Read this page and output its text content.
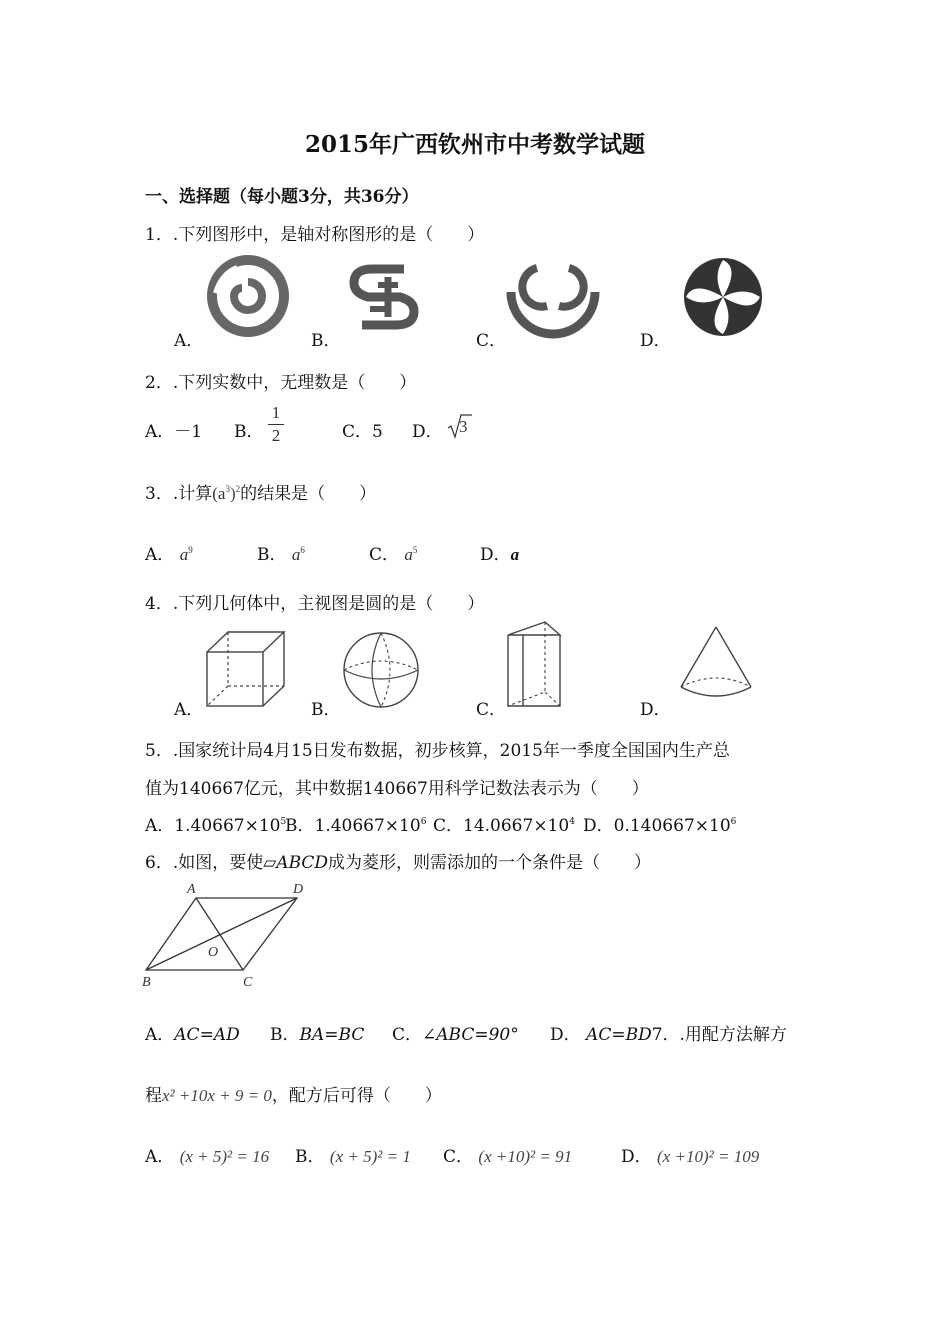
2015年广西钦州市中考数学试题
一、选择题（每小题3分，共36分）
1．.下列图形中，是轴对称图形的是（　　）
A．	B．	C．	D．
2．.下列实数中，无理数是（　　）
A．－1 B．
1
2	C．5 D． 3
3．.计算$(a^3)^2$的结果是（　　）
A． $a^9$	B． $a^6$	C． $a^5$	D．a
4．.下列几何体中，主视图是圆的是（　　）
A．	B．	C．	D．
5．.国家统计局4月15日发布数据，初步核算，2015年一季度全国国内生产总
值为140667亿元，其中数据140667用科学记数法表示为（　　）
A．$1.40667\times 10^5$
B．$1.40667\times 10^6$ C．$14.0667\times 10^4$ D．$0.140667\times 10^6$
6．.如图，要使▱ABCD成为菱形，则需添加的一个条件是（　　）
A	D
O
B	C
A．AC=AD B．BA=BC C．∠ABC=90° D． AC=BD7．.用配方法解方
程x² +10x + 9 = 0，配方后可得（　　）
A． (x + 5)² = 16 B． (x + 5)² = 1 C． (x +10)² = 91	D． (x +10)² = 109
